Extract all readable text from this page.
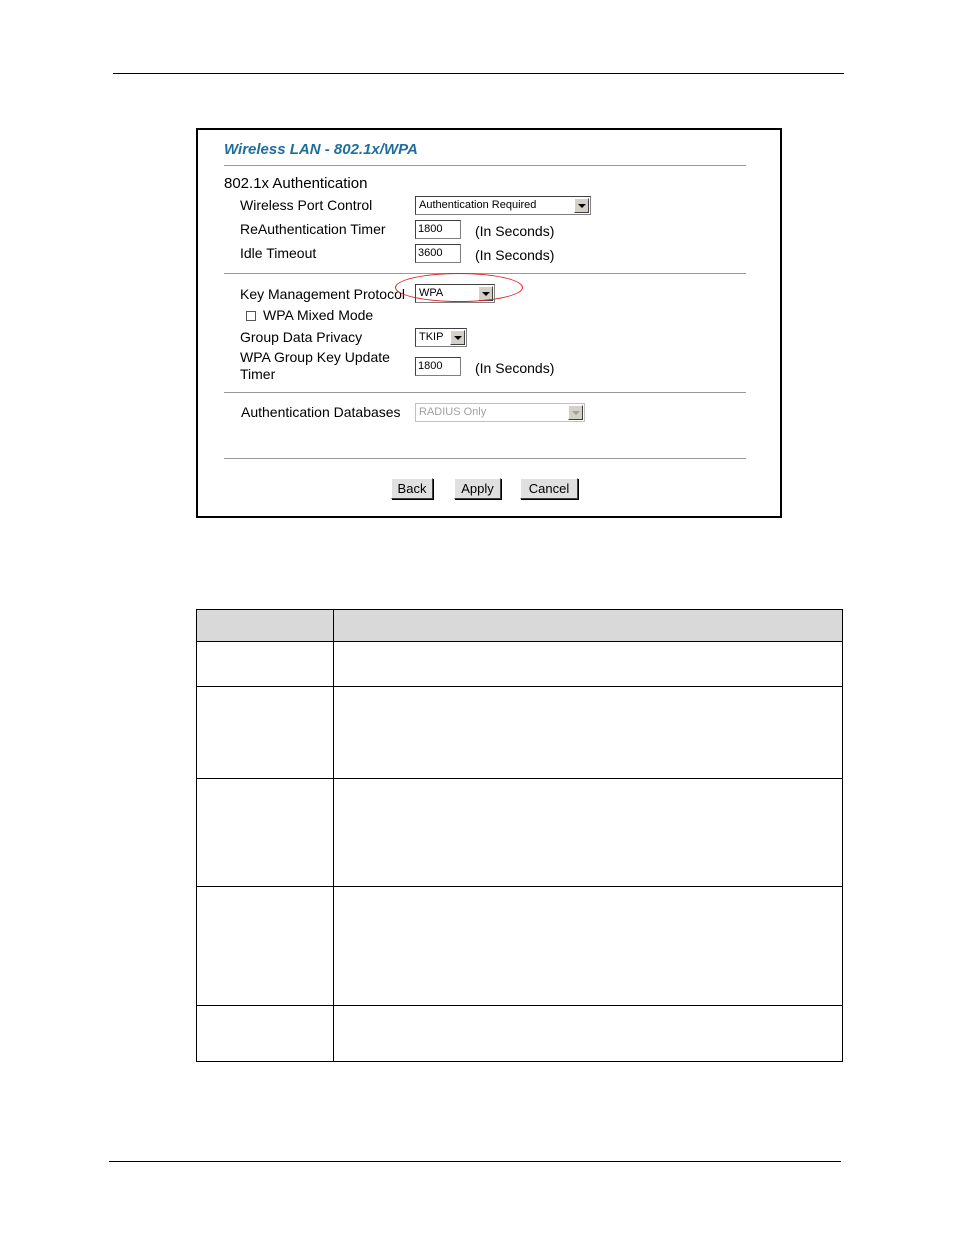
Wireless LAN - 802.1x/WPA
802.1x Authentication
Wireless Port Control	Authentication Required
ReAuthentication Timer	1800	(In Seconds)
Idle Timeout	3600	(In Seconds)
Key Management Protocol WPA
WPA Mixed Mode
Group Data Privacy	TKIP
WPA Group Key Update
Timer	1800	(In Seconds)
Authentication Databases RADIUS Only
Back	Apply	Cancel
